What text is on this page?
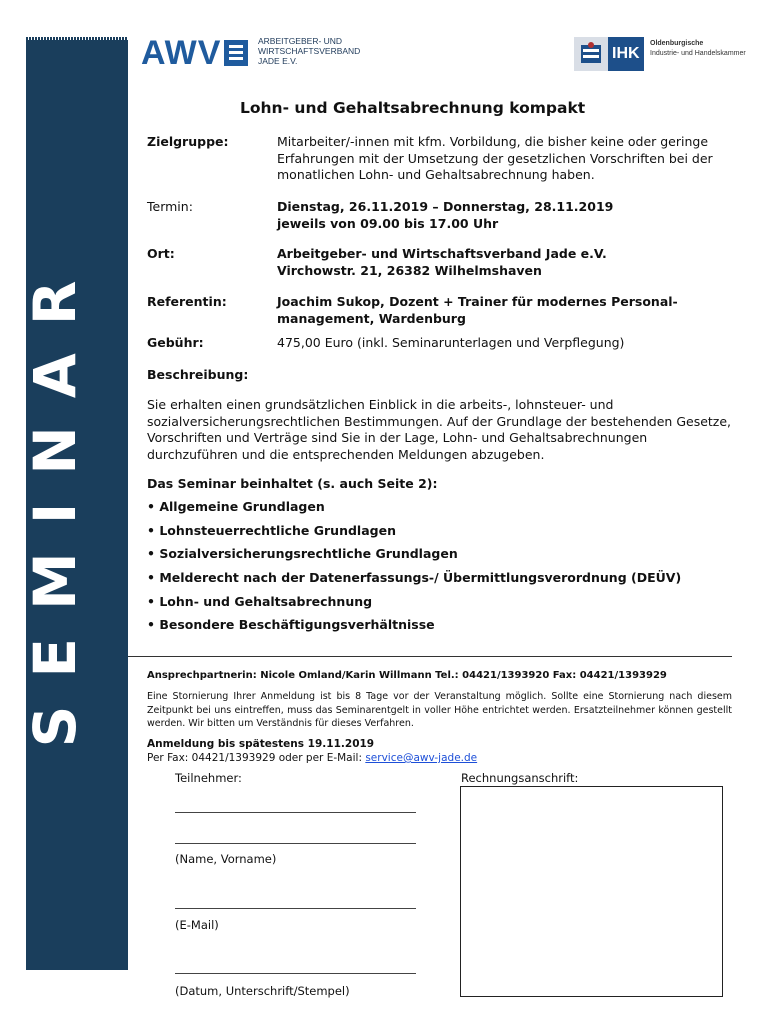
SEMINAR
AWV	ARBEITGEBER- UND
WIRTSCHAFTSVERBAND
JADE E.V.	IHK
Oldenburgische
Industrie- und Handelskammer
Lohn- und Gehaltsabrechnung kompakt
Zielgruppe:	Mitarbeiter/-innen mit kfm. Vorbildung, die bisher keine oder geringe Erfahrungen mit der Umsetzung der gesetzlichen Vorschriften bei der monatlichen Lohn- und Gehaltsabrechnung haben.
Termin:	Dienstag, 26.11.2019 – Donnerstag, 28.11.2019
jeweils von 09.00 bis 17.00 Uhr
Ort:	Arbeitgeber- und Wirtschaftsverband Jade e.V.
Virchowstr. 21, 26382 Wilhelmshaven
Referentin:	Joachim Sukop, Dozent + Trainer für modernes Personal-
management, Wardenburg
Gebühr:	475,00 Euro (inkl. Seminarunterlagen und Verpflegung)
Beschreibung:
Sie erhalten einen grundsätzlichen Einblick in die arbeits-, lohnsteuer- und sozialversicherungsrechtlichen Bestimmungen. Auf der Grundlage der bestehenden Gesetze, Vorschriften und Verträge sind Sie in der Lage, Lohn- und Gehaltsabrechnungen durchzuführen und die entsprechenden Meldungen abzugeben.
Das Seminar beinhaltet (s. auch Seite 2):
• Allgemeine Grundlagen
• Lohnsteuerrechtliche Grundlagen
• Sozialversicherungsrechtliche Grundlagen
• Melderecht nach der Datenerfassungs-/ Übermittlungsverordnung (DEÜV)
• Lohn- und Gehaltsabrechnung
• Besondere Beschäftigungsverhältnisse
Ansprechpartnerin: Nicole Omland/Karin Willmann Tel.: 04421/1393920 Fax: 04421/1393929
Eine Stornierung Ihrer Anmeldung ist bis 8 Tage vor der Veranstaltung möglich. Sollte eine Stornierung nach diesem Zeitpunkt bei uns eintreffen, muss das Seminarentgelt in voller Höhe entrichtet werden. Ersatzteilnehmer können gestellt werden. Wir bitten um Verständnis für dieses Verfahren.
Anmeldung bis spätestens 19.11.2019
Per Fax: 04421/1393929 oder per E-Mail: service@awv-jade.de
Teilnehmer:	Rechnungsanschrift:
(Name, Vorname)
(E-Mail)
(Datum, Unterschrift/Stempel)
